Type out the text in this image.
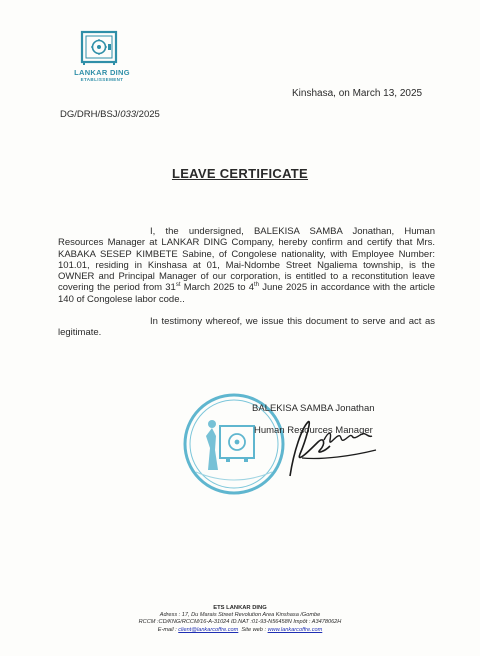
LANKAR DING
ETABLISSEMENT
Kinshasa, on March 13, 2025
DG/DRH/BSJ/033/2025
LEAVE CERTIFICATE

I, the undersigned, BALEKISA SAMBA Jonathan, Human Resources Manager at LANKAR DING Company, hereby confirm and certify that Mrs. KABAKA SESEP KIMBETE Sabine, of Congolese nationality, with Employee Number: 101.01, residing in Kinshasa at 01, Mai-Ndombe Street Ngaliema township, is the OWNER and Principal Manager of our corporation, is entitled to a reconstitution leave covering the period from 31st March 2025 to 4th June 2025 in accordance with the article 140 of Congolese labor code..

In testimony whereof, we issue this document to serve and act as legitimate.

BALEKISA SAMBA Jonathan
Human Resources Manager
ETS LANKAR DING
Adress : 17, Du Marais Street Revolution Area Kinshasa /Gombe
RCCM :CD/KNG/RCCM/16-A-31024 ID.NAT :01-93-N56458N Impôt : A3478062H
E-mail : client@lankarcoffre.com  Site web : www.lankarcoffre.com
